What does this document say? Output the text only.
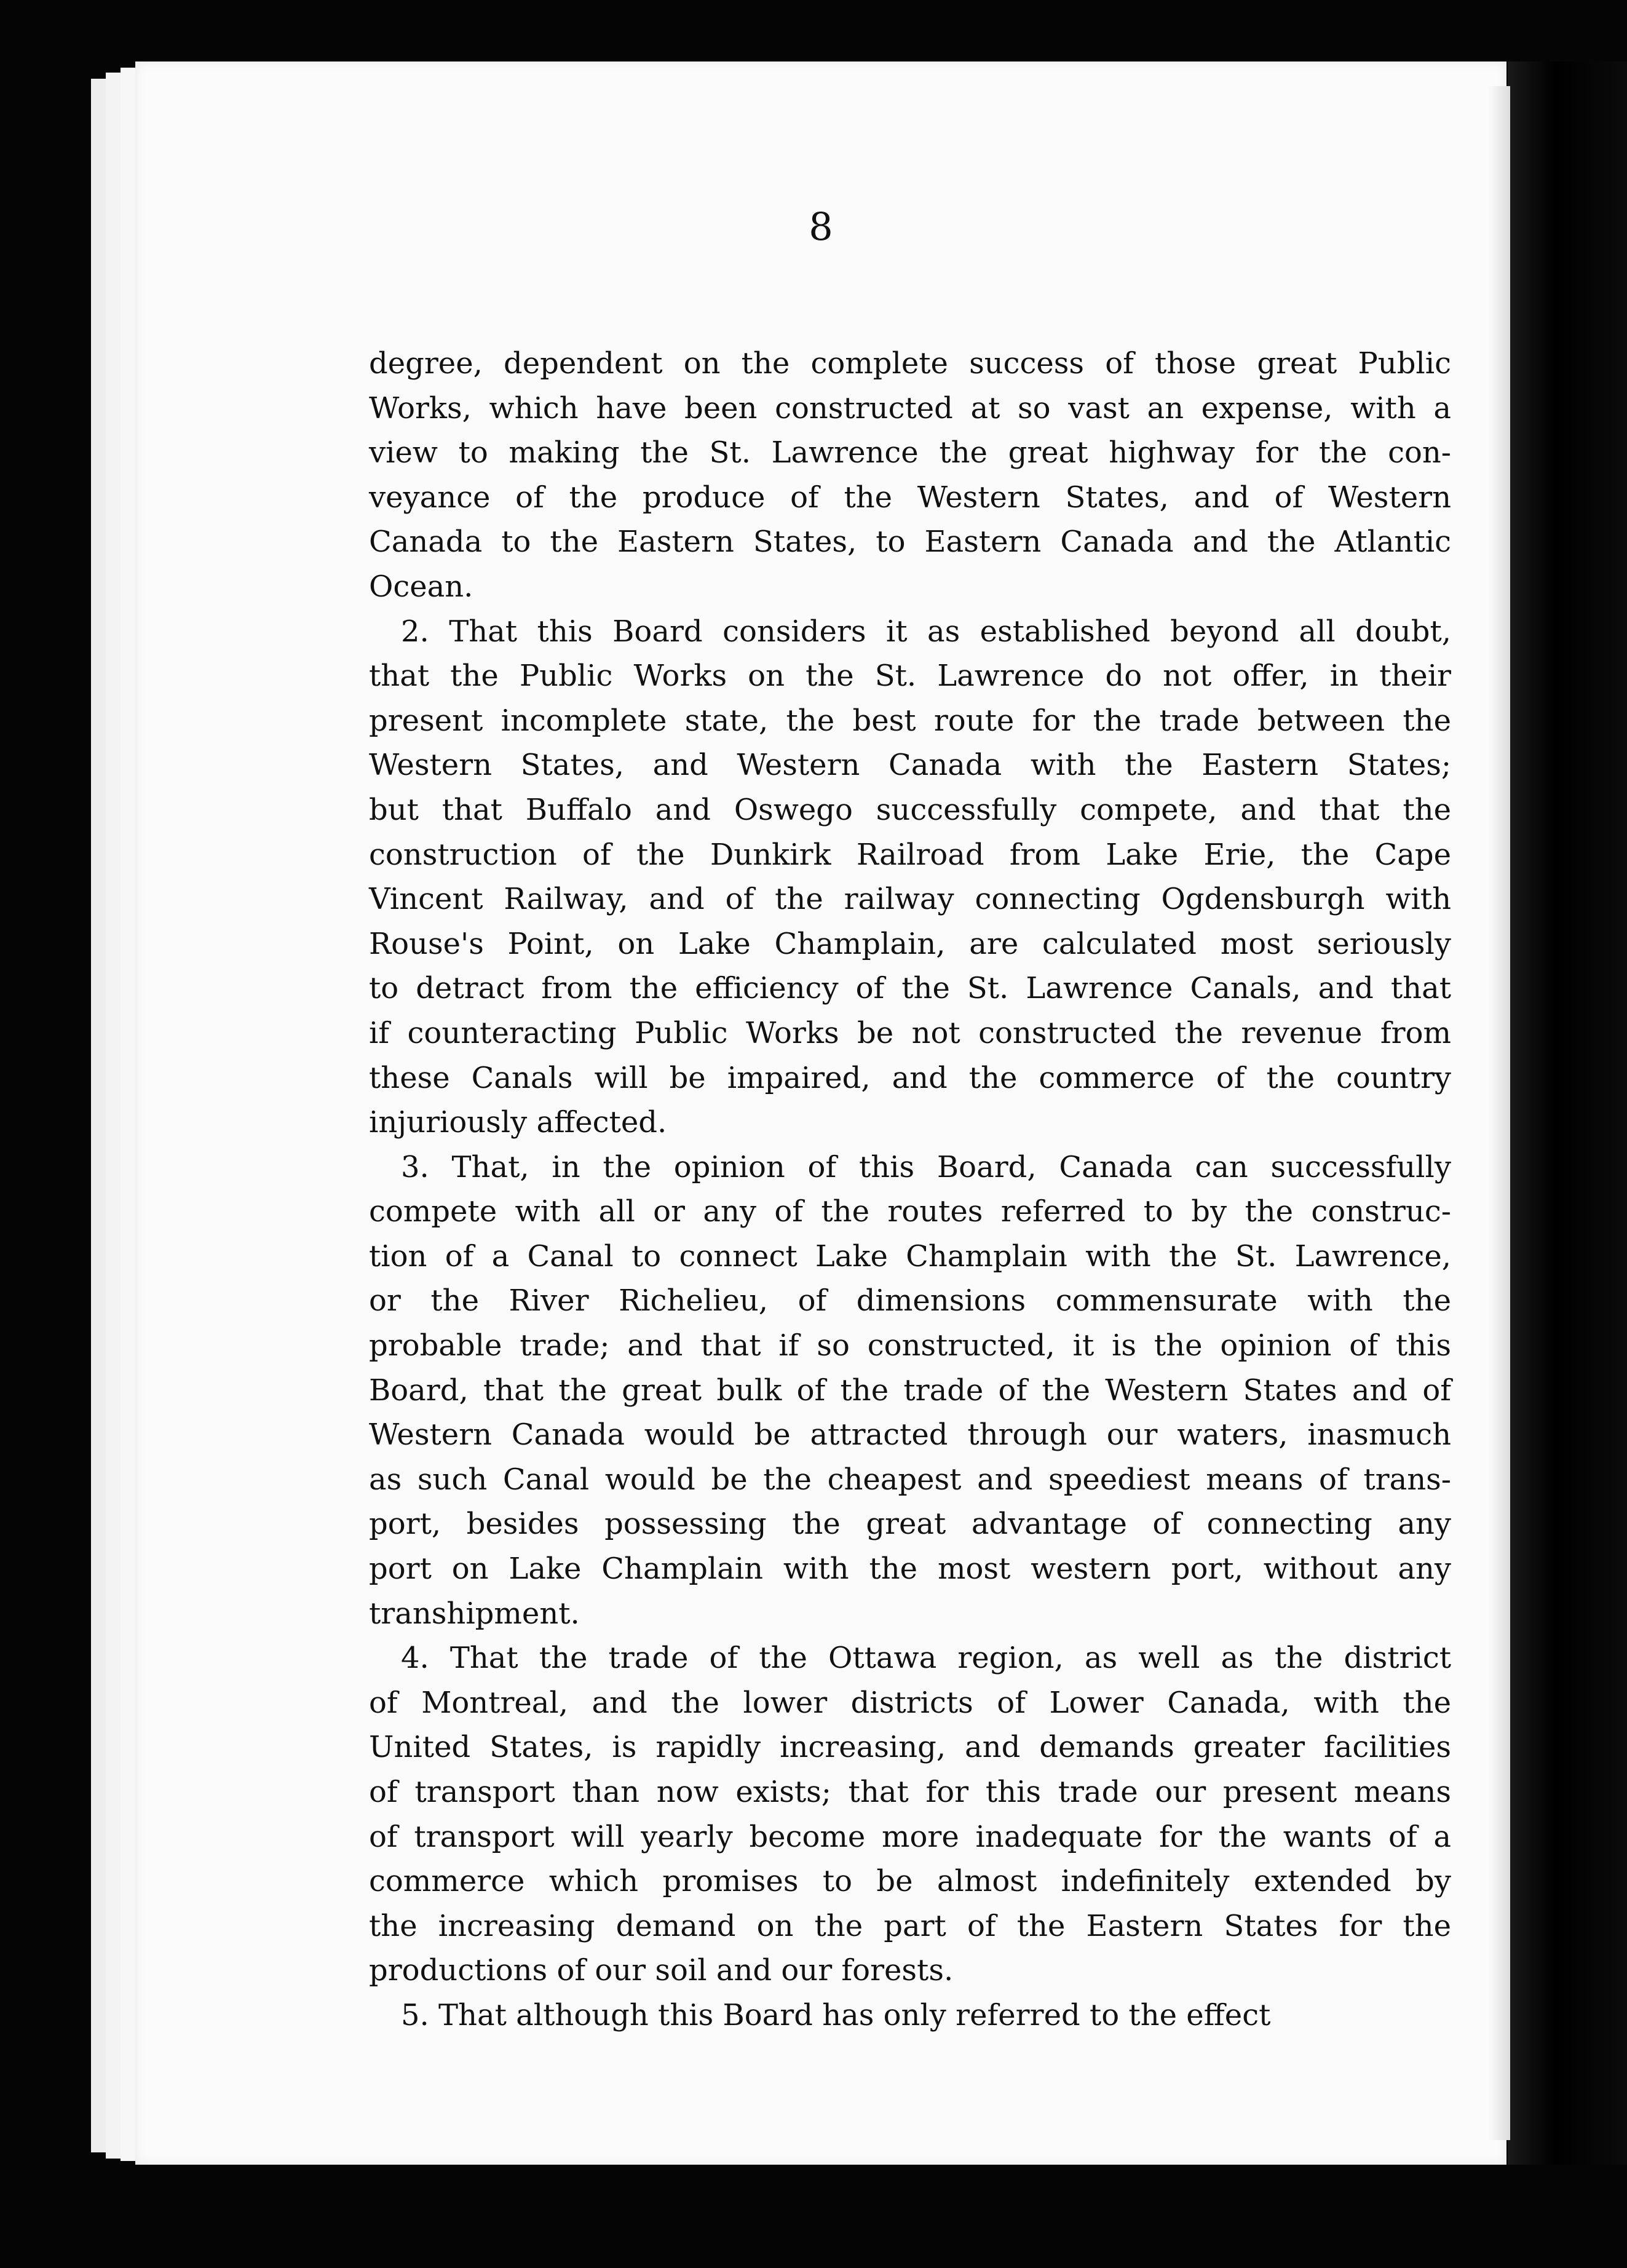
8

degree, dependent on the complete success of those great Public
Works, which have been constructed at so vast an expense, with a
view to making the St. Lawrence the great highway for the con-
veyance of the produce of the Western States, and of Western
Canada to the Eastern States, to Eastern Canada and the Atlantic
Ocean.
2. That this Board considers it as established beyond all doubt,
that the Public Works on the St. Lawrence do not offer, in their
present incomplete state, the best route for the trade between the
Western States, and Western Canada with the Eastern States;
but that Buffalo and Oswego successfully compete, and that the
construction of the Dunkirk Railroad from Lake Erie, the Cape
Vincent Railway, and of the railway connecting Ogdensburgh with
Rouse's Point, on Lake Champlain, are calculated most seriously
to detract from the efficiency of the St. Lawrence Canals, and that
if counteracting Public Works be not constructed the revenue from
these Canals will be impaired, and the commerce of the country
injuriously affected.
3. That, in the opinion of this Board, Canada can successfully
compete with all or any of the routes referred to by the construc-
tion of a Canal to connect Lake Champlain with the St. Lawrence,
or the River Richelieu, of dimensions commensurate with the
probable trade; and that if so constructed, it is the opinion of this
Board, that the great bulk of the trade of the Western States and of
Western Canada would be attracted through our waters, inasmuch
as such Canal would be the cheapest and speediest means of trans-
port, besides possessing the great advantage of connecting any
port on Lake Champlain with the most western port, without any
transhipment.
4. That the trade of the Ottawa region, as well as the district
of Montreal, and the lower districts of Lower Canada, with the
United States, is rapidly increasing, and demands greater facilities
of transport than now exists; that for this trade our present means
of transport will yearly become more inadequate for the wants of a
commerce which promises to be almost indefinitely extended by
the increasing demand on the part of the Eastern States for the
productions of our soil and our forests.
5. That although this Board has only referred to the effect
